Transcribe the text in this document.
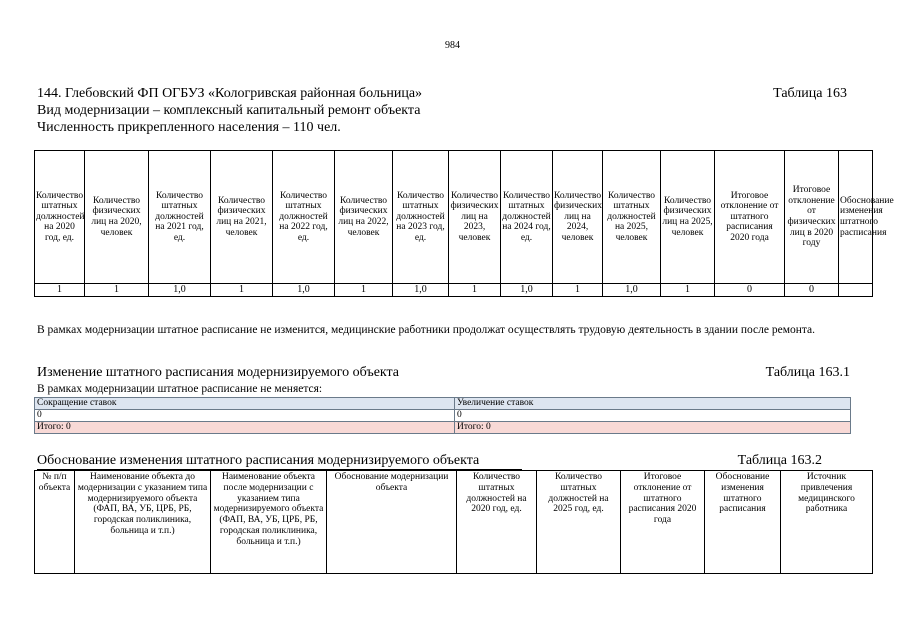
984
144. Глебовский ФП ОГБУЗ «Кологривская районная больница»	Таблица 163
Вид модернизации – комплексный капитальный ремонт объекта
Численность прикрепленного населения – 110 чел.
Количество штатных должностей на 2020 год, ед.	Количество физических лиц на 2020, человек	Количество штатных должностей на 2021 год, ед.	Количество физических лиц на 2021, человек	Количество штатных должностей на 2022 год, ед.	Количество физических лиц на 2022, человек	Количество штатных должностей на 2023 год, ед.	Количество физических лиц на 2023, человек	Количество штатных должностей на 2024 год, ед.	Количество физических лиц на 2024, человек	Количество штатных должностей на 2025, человек	Количество физических лиц на 2025, человек	Итоговое отклонение от штатного расписания 2020 года	Итоговое отклонение от физических лиц в 2020 году	Обоснование изменения штатного расписания
1	1	1,0	1	1,0	1	1,0	1	1,0	1	1,0	1	0	0	
В рамках модернизации штатное расписание не изменится, медицинские работники продолжат осуществлять трудовую деятельность в здании после ремонта.
Изменение штатного расписания модернизируемого объекта	Таблица 163.1
В рамках модернизации штатное расписание не меняется:
Сокращение ставок	Увеличение ставок
0	0
Итого: 0	Итого: 0
Обоснование изменения штатного расписания модернизируемого объекта	Таблица 163.2
№ п/п объекта	Наименование объекта до модернизации с указанием типа модернизируемого объекта (ФАП, ВА, УБ, ЦРБ, РБ, городская поликлиника, больница и т.п.)	Наименование объекта после модернизации с указанием типа модернизируемого объекта (ФАП, ВА, УБ, ЦРБ, РБ, городская поликлиника, больница и т.п.)	Обоснование модернизации объекта	Количество штатных должностей на 2020 год, ед.	Количество штатных должностей на 2025 год, ед.	Итоговое отклонение от штатного расписания 2020 года	Обоснование изменения штатного расписания	Источник привлечения медицинского работника
